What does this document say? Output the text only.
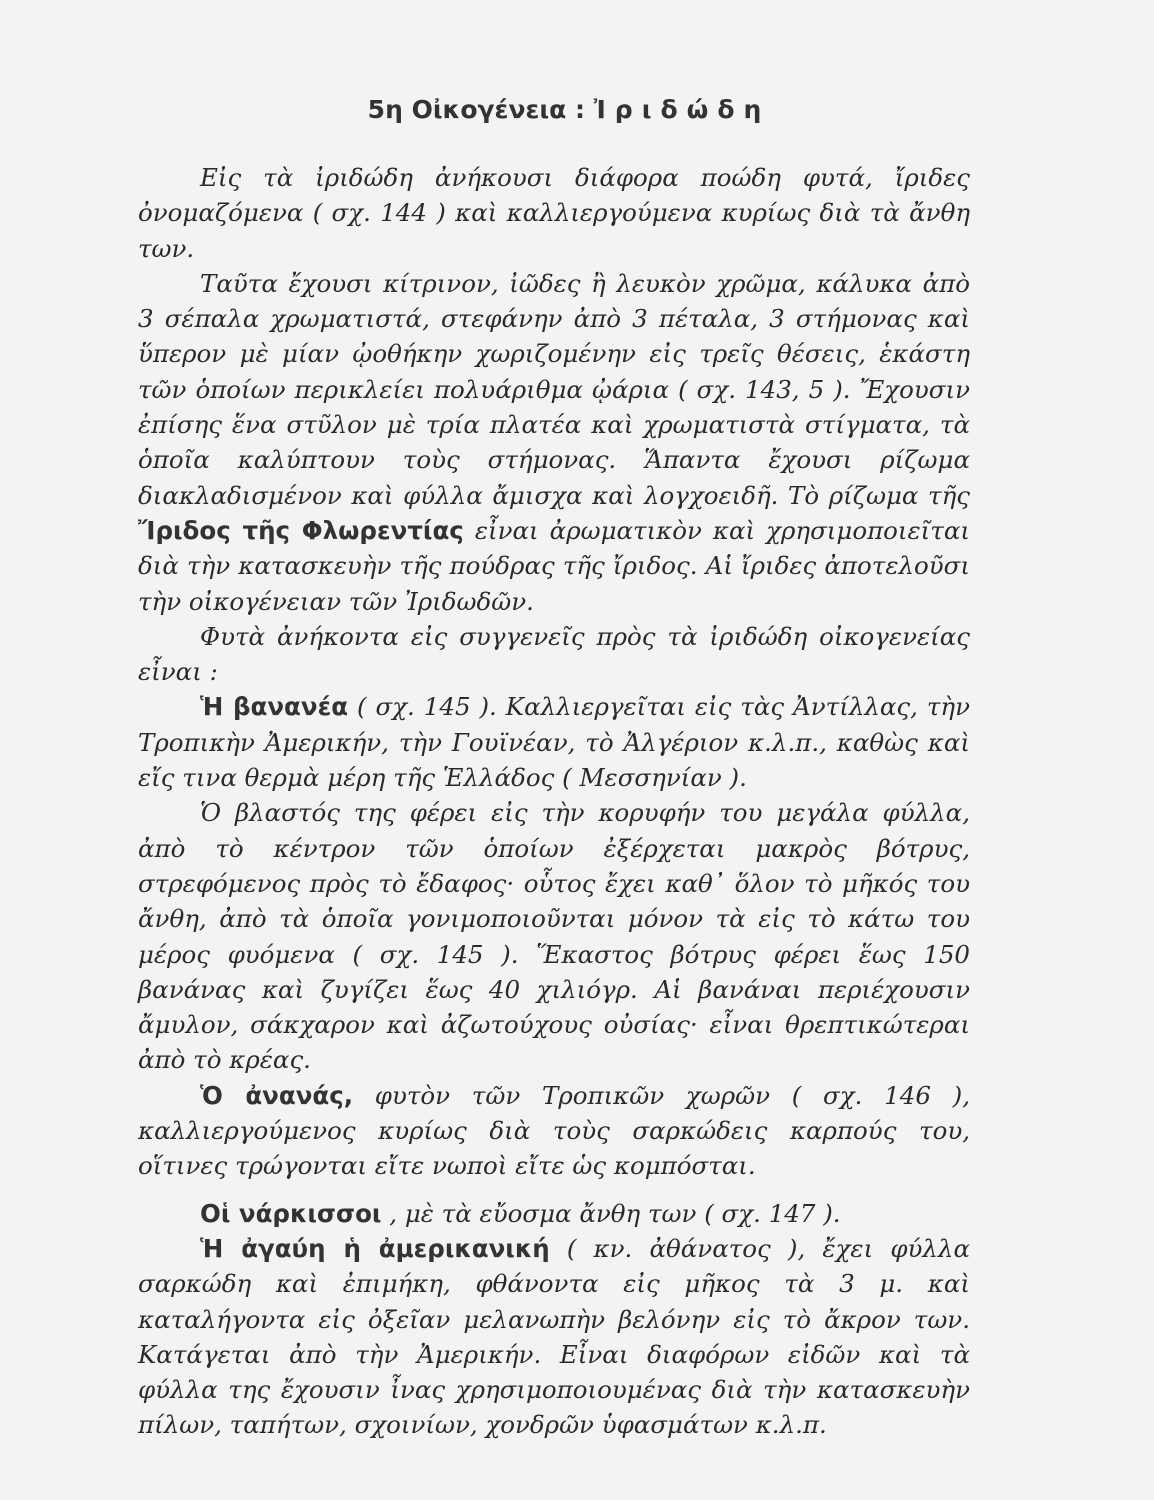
5η Οἰκογένεια : Ἰριδώδη

Εἰς τὰ ἰριδώδη ἀνήκουσι διάφορα ποώδη φυτά, ἴριδες ὀνομαζόμενα ( σχ. 144 ) καὶ καλλιεργούμενα κυρίως διὰ τὰ ἄνθη των.

Ταῦτα ἔχουσι κίτρινον, ἰῶδες ἢ λευκὸν χρῶμα, κάλυκα ἀπὸ 3 σέπαλα χρωματιστά, στεφάνην ἀπὸ 3 πέταλα, 3 στήμονας καὶ ὕπερον μὲ μίαν ᾠοθήκην χωριζομένην εἰς τρεῖς θέσεις, ἑκάστη τῶν ὁποίων περικλείει πολυάριθμα ᾠάρια ( σχ. 143, 5 ). Ἔχουσιν ἐπίσης ἕνα στῦλον μὲ τρία πλατέα καὶ χρωματιστὰ στίγματα, τὰ ὁποῖα καλύπτουν τοὺς στήμονας. Ἅπαντα ἔχουσι ρίζωμα διακλαδισμένον καὶ φύλλα ἄμισχα καὶ λογχοειδῆ. Τὸ ρίζωμα τῆς Ἴριδος τῆς Φλωρεντίας εἶναι ἀρωματικὸν καὶ χρησιμοποιεῖται διὰ τὴν κατασκευὴν τῆς πούδρας τῆς ἴριδος. Αἱ ἴριδες ἀποτελοῦσι τὴν οἰκογένειαν τῶν Ἰριδωδῶν.

Φυτὰ ἀνήκοντα εἰς συγγενεῖς πρὸς τὰ ἰριδώδη οἰκογενείας εἶναι :

Ἡ βανανέα ( σχ. 145 ). Καλλιεργεῖται εἰς τὰς Ἀντίλλας, τὴν Τροπικὴν Ἀμερικήν, τὴν Γουϊνέαν, τὸ Ἀλγέριον κ.λ.π., καθὼς καὶ εἴς τινα θερμὰ μέρη τῆς Ἑλλάδος ( Μεσσηνίαν ).

Ὁ βλαστός της φέρει εἰς τὴν κορυφήν του μεγάλα φύλλα, ἀπὸ τὸ κέντρον τῶν ὁποίων ἐξέρχεται μακρὸς βότρυς, στρεφόμενος πρὸς τὸ ἔδαφος· οὗτος ἔχει καθ᾽ ὅλον τὸ μῆκός του ἄνθη, ἀπὸ τὰ ὁποῖα γονιμοποιοῦνται μόνον τὰ εἰς τὸ κάτω του μέρος φυόμενα ( σχ. 145 ). Ἕκαστος βότρυς φέρει ἕως 150 βανάνας καὶ ζυγίζει ἕως 40 χιλιόγρ. Αἱ βανάναι περιέχουσιν ἄμυλον, σάκχαρον καὶ ἀζωτούχους οὐσίας· εἶναι θρεπτικώτεραι ἀπὸ τὸ κρέας.

Ὁ ἀνανάς, φυτὸν τῶν Τροπικῶν χωρῶν ( σχ. 146 ), καλλιεργούμενος κυρίως διὰ τοὺς σαρκώδεις καρπούς του, οἵτινες τρώγονται εἴτε νωποὶ εἴτε ὡς κομπόσται.

Οἱ νάρκισσοι , μὲ τὰ εὔοσμα ἄνθη των ( σχ. 147 ).

Ἡ ἀγαύη ἡ ἀμερικανική ( κν. ἀθάνατος ), ἔχει φύλλα σαρκώδη καὶ ἐπιμήκη, φθάνοντα εἰς μῆκος τὰ 3 μ. καὶ καταλήγοντα εἰς ὀξεῖαν μελανωπὴν βελόνην εἰς τὸ ἄκρον των. Κατάγεται ἀπὸ τὴν Ἀμερικήν. Εἶναι διαφόρων εἰδῶν καὶ τὰ φύλλα της ἔχουσιν ἶνας χρησιμοποιουμένας διὰ τὴν κατασκευὴν πίλων, ταπήτων, σχοινίων, χονδρῶν ὑφασμάτων κ.λ.π.
